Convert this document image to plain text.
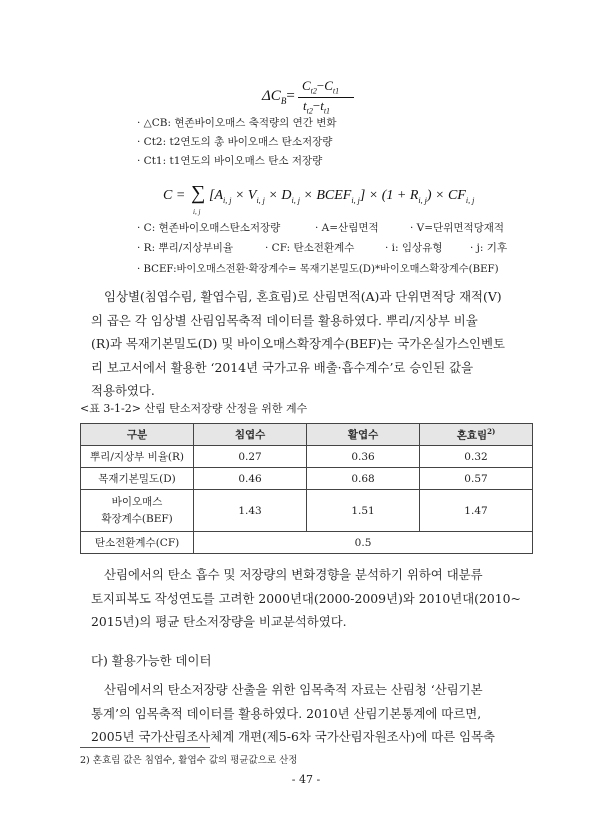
$\Delta C_B=$
$C_{t2}-C_{t1}$
$t_{t2}-t_{t1}$
· △CB: 현존바이오매스 축적량의 연간 변화
· Ct2: t2연도의 총 바이오매스 탄소저장량
· Ct1: t1연도의 바이오매스 탄소 저장량
C = ∑
i, j
[$A_{i, j} \times V_{i, j} \times D_{i, j}$ × $BCEF_{i, j}] \times (1 + R_{i, j}) \times CF_{i, j}$
· C: 현존바이오매스탄소저장량	· A=산림면적	· V=단위면적당재적
· R: 뿌리/지상부비율	· CF: 탄소전환계수	· i: 임상유형	· j: 기후
· BCEF:바이오매스전환·확장계수= 목재기본밀도(D)*바이오매스확장계수(BEF)
임상별(침엽수림, 활엽수림, 혼효림)로 산림면적(A)과 단위면적당 재적(V)
의 곱은 각 임상별 산림임목축적 데이터를 활용하였다. 뿌리/지상부 비율
(R)과 목재기본밀도(D) 및 바이오매스확장계수(BEF)는 국가온실가스인벤토
리 보고서에서 활용한 ‘2014년 국가고유 배출·흡수계수’로 승인된 값을
적용하였다.
<표 3-1-2> 산림 탄소저장량 산정을 위한 계수
구분	침엽수	활엽수	혼효림$^{2)}$
뿌리/지상부 비율(R)	0.27	0.36	0.32
목재기본밀도(D)	0.46	0.68	0.57
바이오매스
확장계수(BEF)	1.43	1.51	1.47
탄소전환계수(CF)	0.5		
산림에서의 탄소 흡수 및 저장량의 변화경향을 분석하기 위하여 대분류
토지피복도 작성연도를 고려한 2000년대(2000-2009년)와 2010년대(2010~
2015년)의 평균 탄소저장량을 비교분석하였다.
다) 활용가능한 데이터
산림에서의 탄소저장량 산출을 위한 임목축적 자료는 산림청 ‘산림기본
통계’의 임목축적 데이터를 활용하였다. 2010년 산림기본통계에 따르면,
2005년 국가산림조사체계 개편(제5-6차 국가산림자원조사)에 따른 임목축
2) 혼효림 값은 침엽수, 활엽수 값의 평균값으로 산정
- 47 -
